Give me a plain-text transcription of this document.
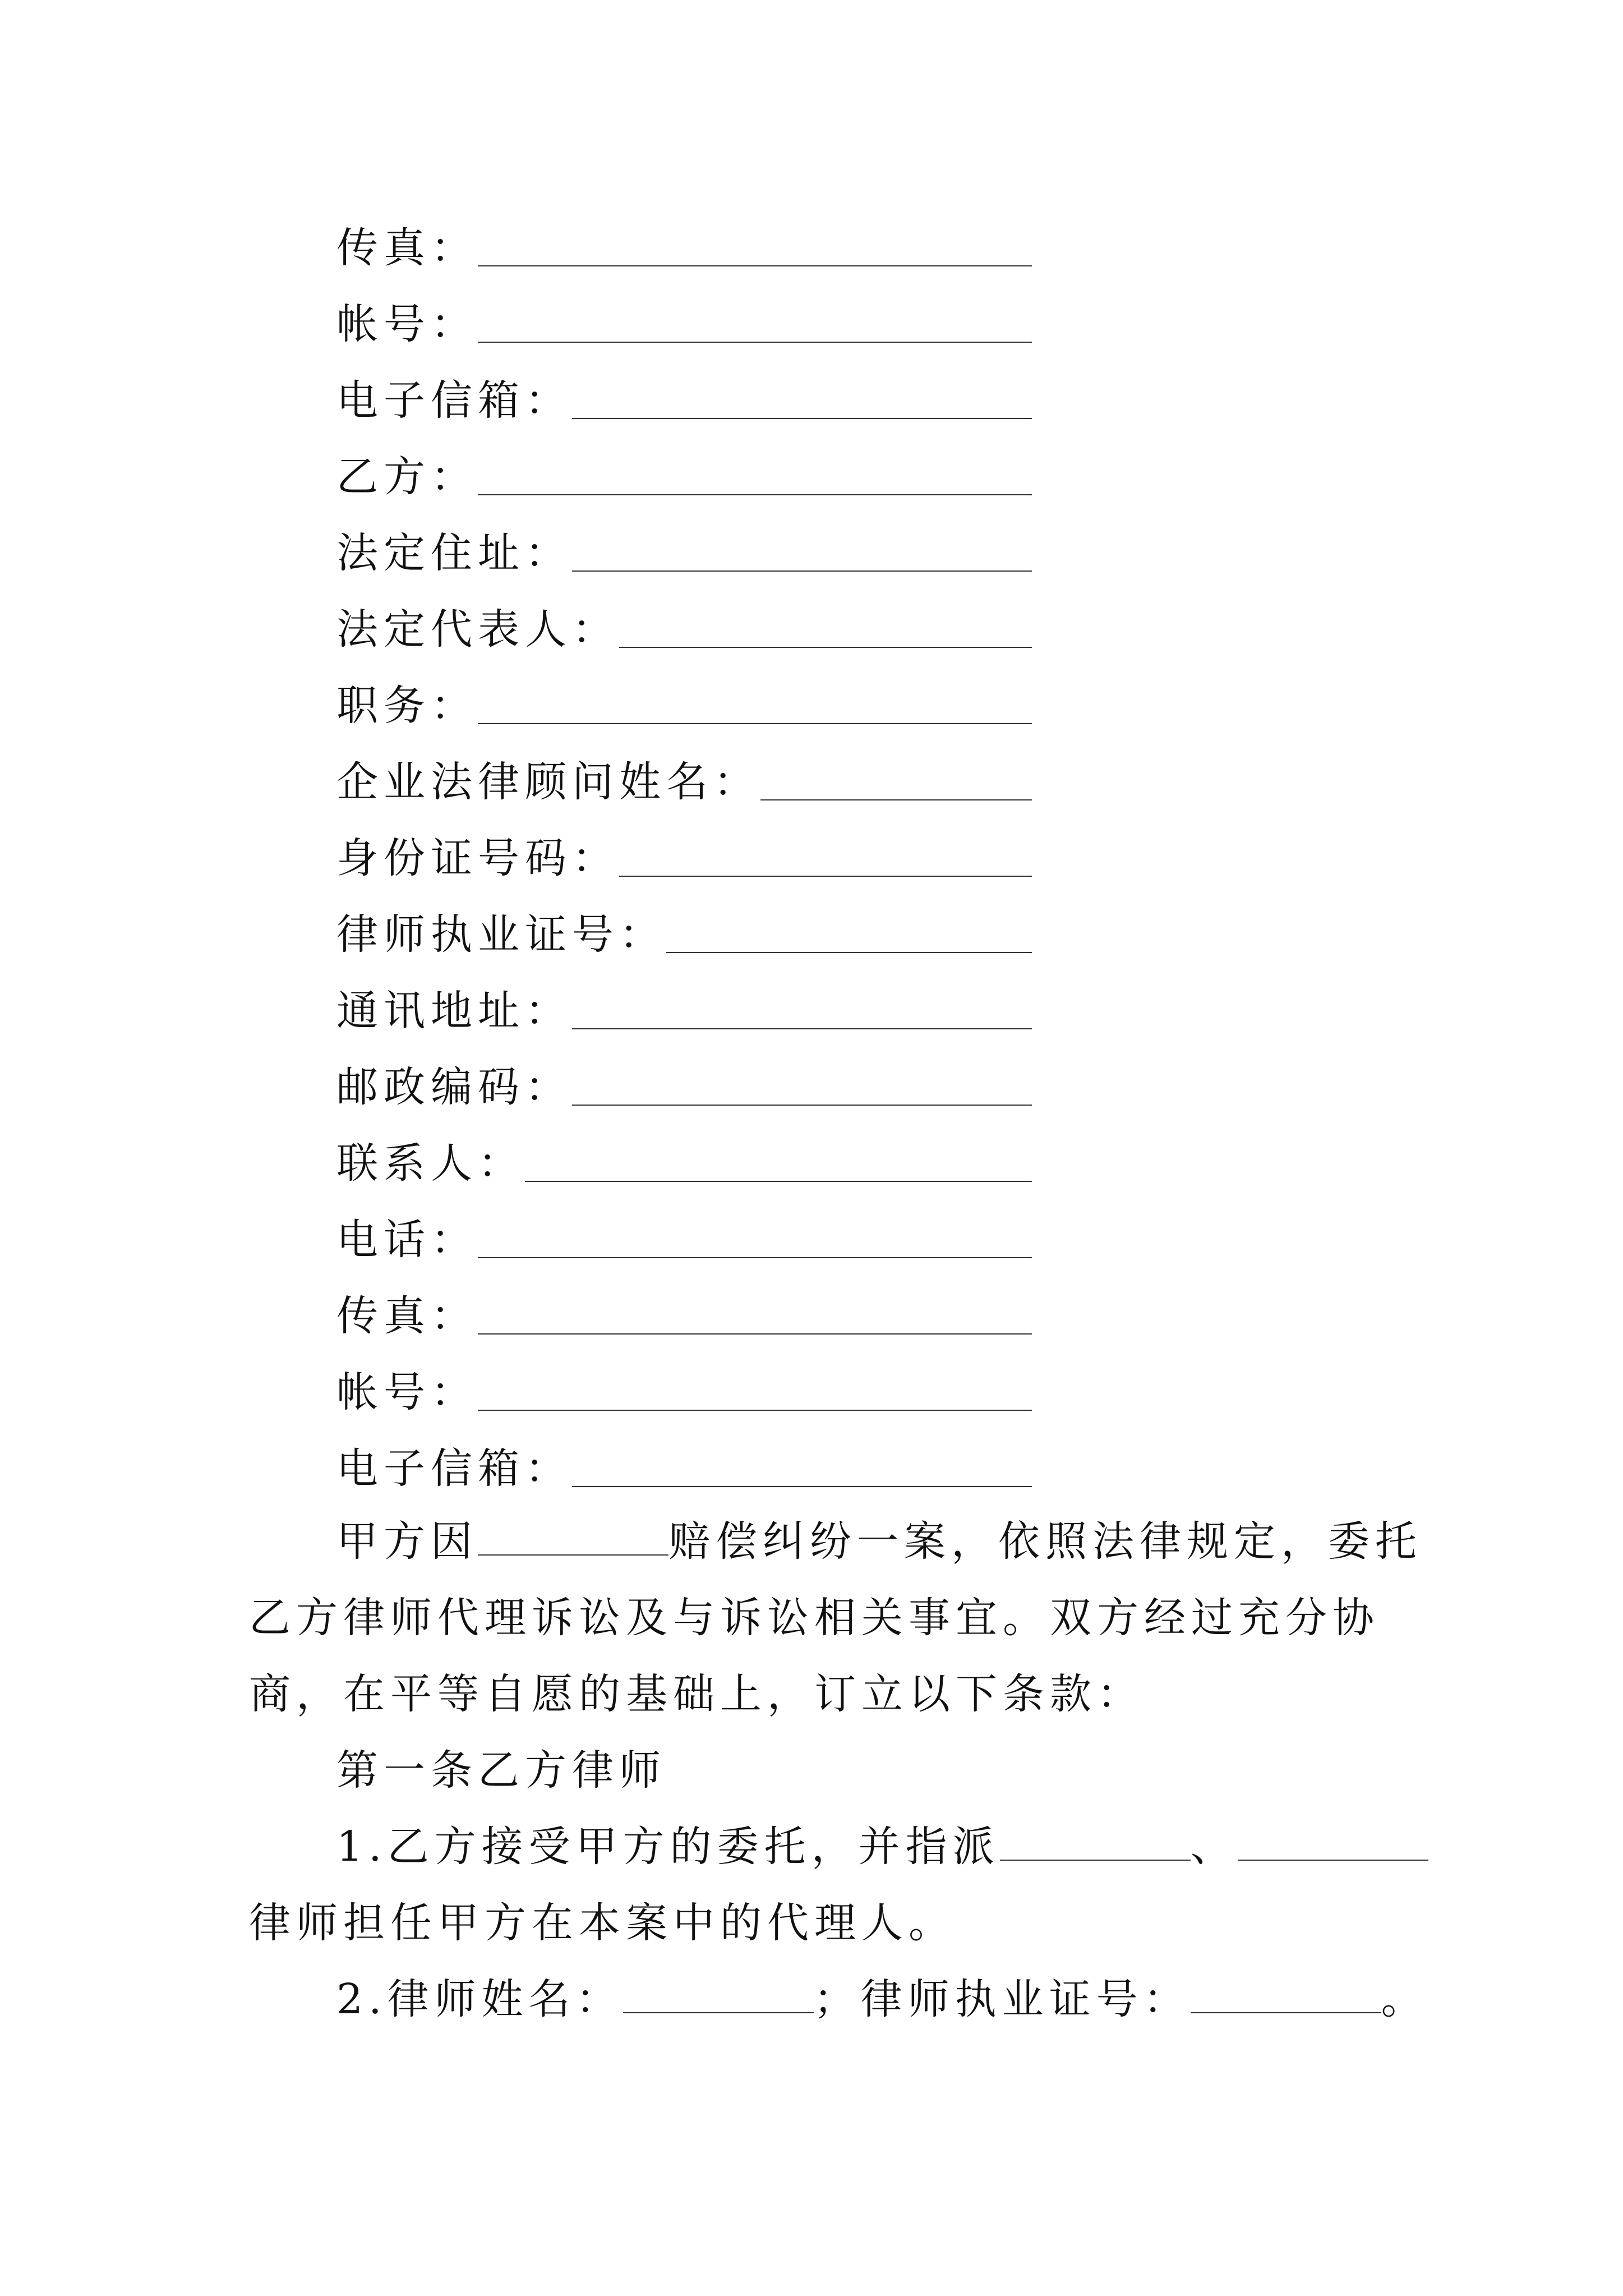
传真：
帐号：
电子信箱：
乙方：
法定住址：
法定代表人：
职务：
企业法律顾问姓名：
身份证号码：
律师执业证号：
通讯地址：
邮政编码：
联系人：
电话：
传真：
帐号：
电子信箱：
甲方因	赔偿纠纷一案，依照法律规定，委托乙方律师代理诉讼及与诉讼相关事宜。双方经过充分协商，在平等自愿的基础上，订立以下条款：
第一条乙方律师
1.乙方接受甲方的委托，并指派	、律师担任甲方在本案中的代理人。
2.律师姓名：	；律师执业证号：	。
